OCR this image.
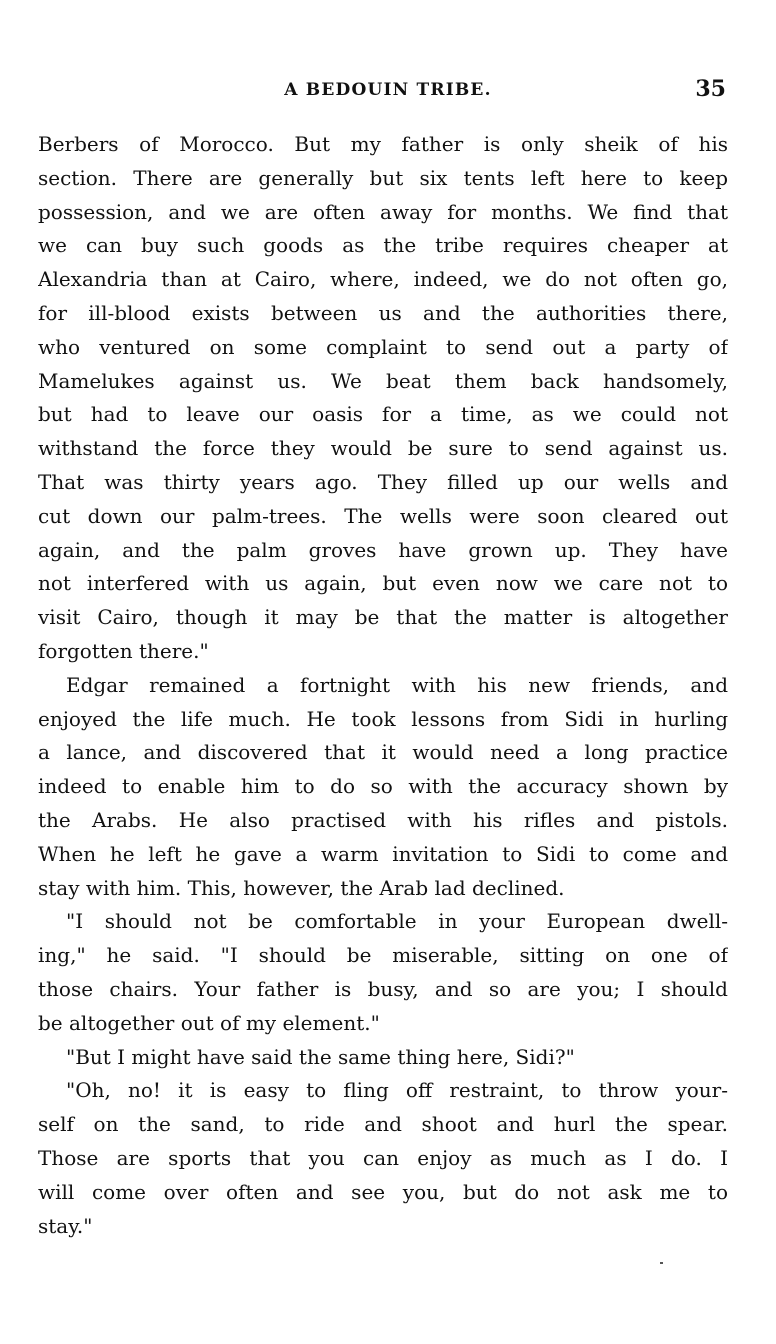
A BEDOUIN TRIBE.	35
Berbers of Morocco. But my father is only sheik of his
section. There are generally but six tents left here to keep
possession, and we are often away for months. We find that
we can buy such goods as the tribe requires cheaper at
Alexandria than at Cairo, where, indeed, we do not often go,
for ill-blood exists between us and the authorities there,
who ventured on some complaint to send out a party of
Mamelukes against us. We beat them back handsomely,
but had to leave our oasis for a time, as we could not
withstand the force they would be sure to send against us.
That was thirty years ago. They filled up our wells and
cut down our palm-trees. The wells were soon cleared out
again, and the palm groves have grown up. They have
not interfered with us again, but even now we care not to
visit Cairo, though it may be that the matter is altogether
forgotten there."
Edgar remained a fortnight with his new friends, and
enjoyed the life much. He took lessons from Sidi in hurling
a lance, and discovered that it would need a long practice
indeed to enable him to do so with the accuracy shown by
the Arabs. He also practised with his rifles and pistols.
When he left he gave a warm invitation to Sidi to come and
stay with him. This, however, the Arab lad declined.
"I should not be comfortable in your European dwell-
ing," he said. "I should be miserable, sitting on one of
those chairs. Your father is busy, and so are you; I should
be altogether out of my element."
"But I might have said the same thing here, Sidi?"
"Oh, no! it is easy to fling off restraint, to throw your-
self on the sand, to ride and shoot and hurl the spear.
Those are sports that you can enjoy as much as I do. I
will come over often and see you, but do not ask me to
stay."
